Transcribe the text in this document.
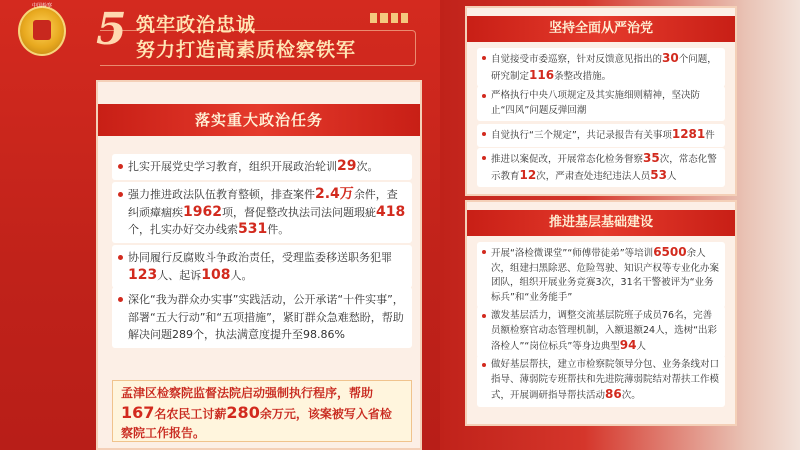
中国检察	5 筑牢政治忠诚
努力打造高素质检察铁军
落实重大政治任务
扎实开展党史学习教育，组织开展政治轮训29次。
强力推进政法队伍教育整顿，排查案件2.4万余件，查纠顽瘴痼疾1962项，督促整改执法司法问题瑕疵418个，扎实办好交办线索531件。
协同履行反腐败斗争政治责任，受理监委移送职务犯罪123人、起诉108人。
深化“我为群众办实事”实践活动，公开承诺“十件实事”，部署“五大行动”和“五项措施”，紧盯群众急难愁盼，帮助解决问题289个，执法满意度提升至98.86%
孟津区检察院监督法院启动强制执行程序，帮助167名农民工讨薪280余万元，该案被写入省检察院工作报告。
坚持全面从严治党
自觉接受市委巡察，针对反馈意见指出的30个问题，研究制定116条整改措施。
严格执行中央八项规定及其实施细则精神，坚决防止“四风”问题反弹回潮
自觉执行“三个规定”，共记录报告有关事项1281件
推进以案促改，开展常态化检务督察35次，常态化警示教育12次，严肃查处违纪违法人员53人
推进基层基础建设
开展“洛检微课堂”“师傅带徒弟”等培训6500余人次，组建扫黑除恶、危险驾驶、知识产权等专业化办案团队，组织开展业务竞赛3次，31名干警被评为“业务标兵”和“业务能手”
激发基层活力，调整交流基层院班子成员76名，完善员额检察官动态管理机制，入额退额24人，选树“出彩洛检人”“岗位标兵”等身边典型94人
做好基层帮扶，建立市检察院领导分包、业务条线对口指导、薄弱院专班帮扶和先进院薄弱院结对帮扶工作模式，开展调研指导帮扶活动86次。
